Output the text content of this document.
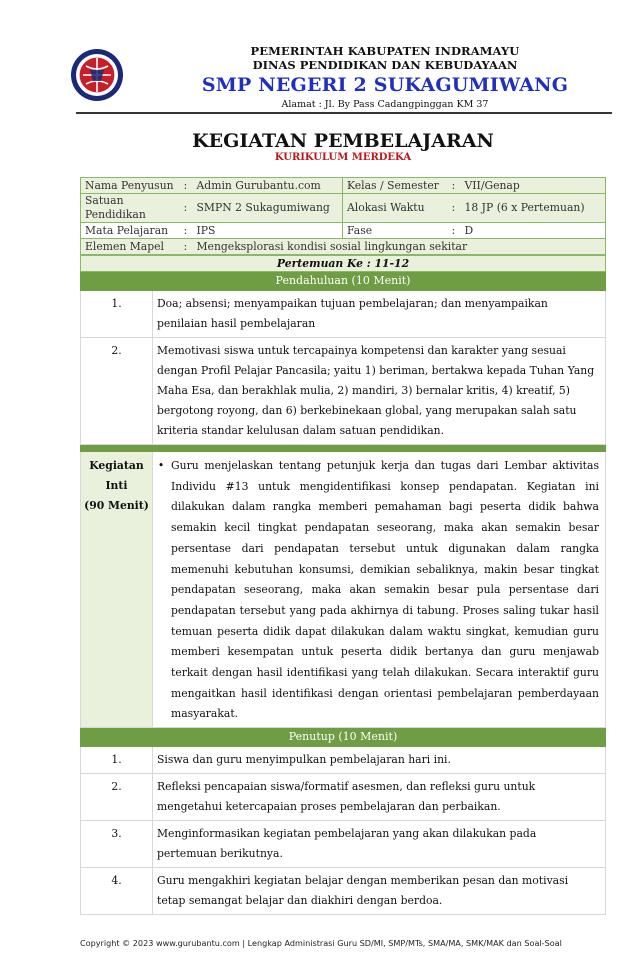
PEMERINTAH KABUPATEN INDRAMAYU
DINAS PENDIDIKAN DAN KEBUDAYAAN
SMP NEGERI 2 SUKAGUMIWANG
Alamat : Jl. By Pass Cadangpinggan KM 37
KEGIATAN PEMBELAJARAN
KURIKULUM MERDEKA
Nama Penyusun	:	Admin Gurubantu.com	Kelas / Semester	:	VII/Genap
Satuan Pendidikan	:	SMPN 2 Sukagumiwang	Alokasi Waktu	:	18 JP (6 x Pertemuan)
Mata Pelajaran	:	IPS	Fase	:	D
Elemen Mapel	:	Mengeksplorasi kondisi sosial lingkungan sekitar			
Pertemuan Ke : 11-12
Pendahuluan (10 Menit)
1.	Doa; absensi; menyampaikan tujuan pembelajaran; dan menyampaikan penilaian hasil pembelajaran
2.	Memotivasi siswa untuk tercapainya kompetensi dan karakter yang sesuai dengan Profil Pelajar Pancasila; yaitu 1) beriman, bertakwa kepada Tuhan Yang Maha Esa, dan berakhlak mulia, 2) mandiri, 3) bernalar kritis, 4) kreatif, 5) bergotong royong, dan 6) berkebinekaan global, yang merupakan salah satu kriteria standar kelulusan dalam satuan pendidikan.

Kegiatan
Inti
(90 Menit)

•	Guru menjelaskan tentang petunjuk kerja dan tugas dari Lembar aktivitas Individu #13 untuk mengidentifikasi konsep pendapatan. Kegiatan ini dilakukan dalam rangka memberi pemahaman bagi peserta didik bahwa semakin kecil tingkat pendapatan seseorang, maka akan semakin besar persentase dari pendapatan tersebut untuk digunakan dalam rangka memenuhi kebutuhan konsumsi, demikian sebaliknya, makin besar tingkat pendapatan seseorang, maka akan semakin besar pula persentase dari pendapatan tersebut yang pada akhirnya di tabung. Proses saling tukar hasil temuan peserta didik dapat dilakukan dalam waktu singkat, kemudian guru memberi kesempatan untuk peserta didik bertanya dan guru menjawab terkait dengan hasil identifikasi yang telah dilakukan. Secara interaktif guru mengaitkan hasil identifikasi dengan orientasi pembelajaran pemberdayaan masyarakat.

Penutup (10 Menit)
1.	Siswa dan guru menyimpulkan pembelajaran hari ini.
2.	Refleksi pencapaian siswa/formatif asesmen, dan refleksi guru untuk mengetahui ketercapaian proses pembelajaran dan perbaikan.
3.	Menginformasikan kegiatan pembelajaran yang akan dilakukan pada pertemuan berikutnya.
4.	Guru mengakhiri kegiatan belajar dengan memberikan pesan dan motivasi tetap semangat belajar dan diakhiri dengan berdoa.
Copyright © 2023 www.gurubantu.com | Lengkap Administrasi Guru SD/MI, SMP/MTs, SMA/MA, SMK/MAK dan Soal-Soal
